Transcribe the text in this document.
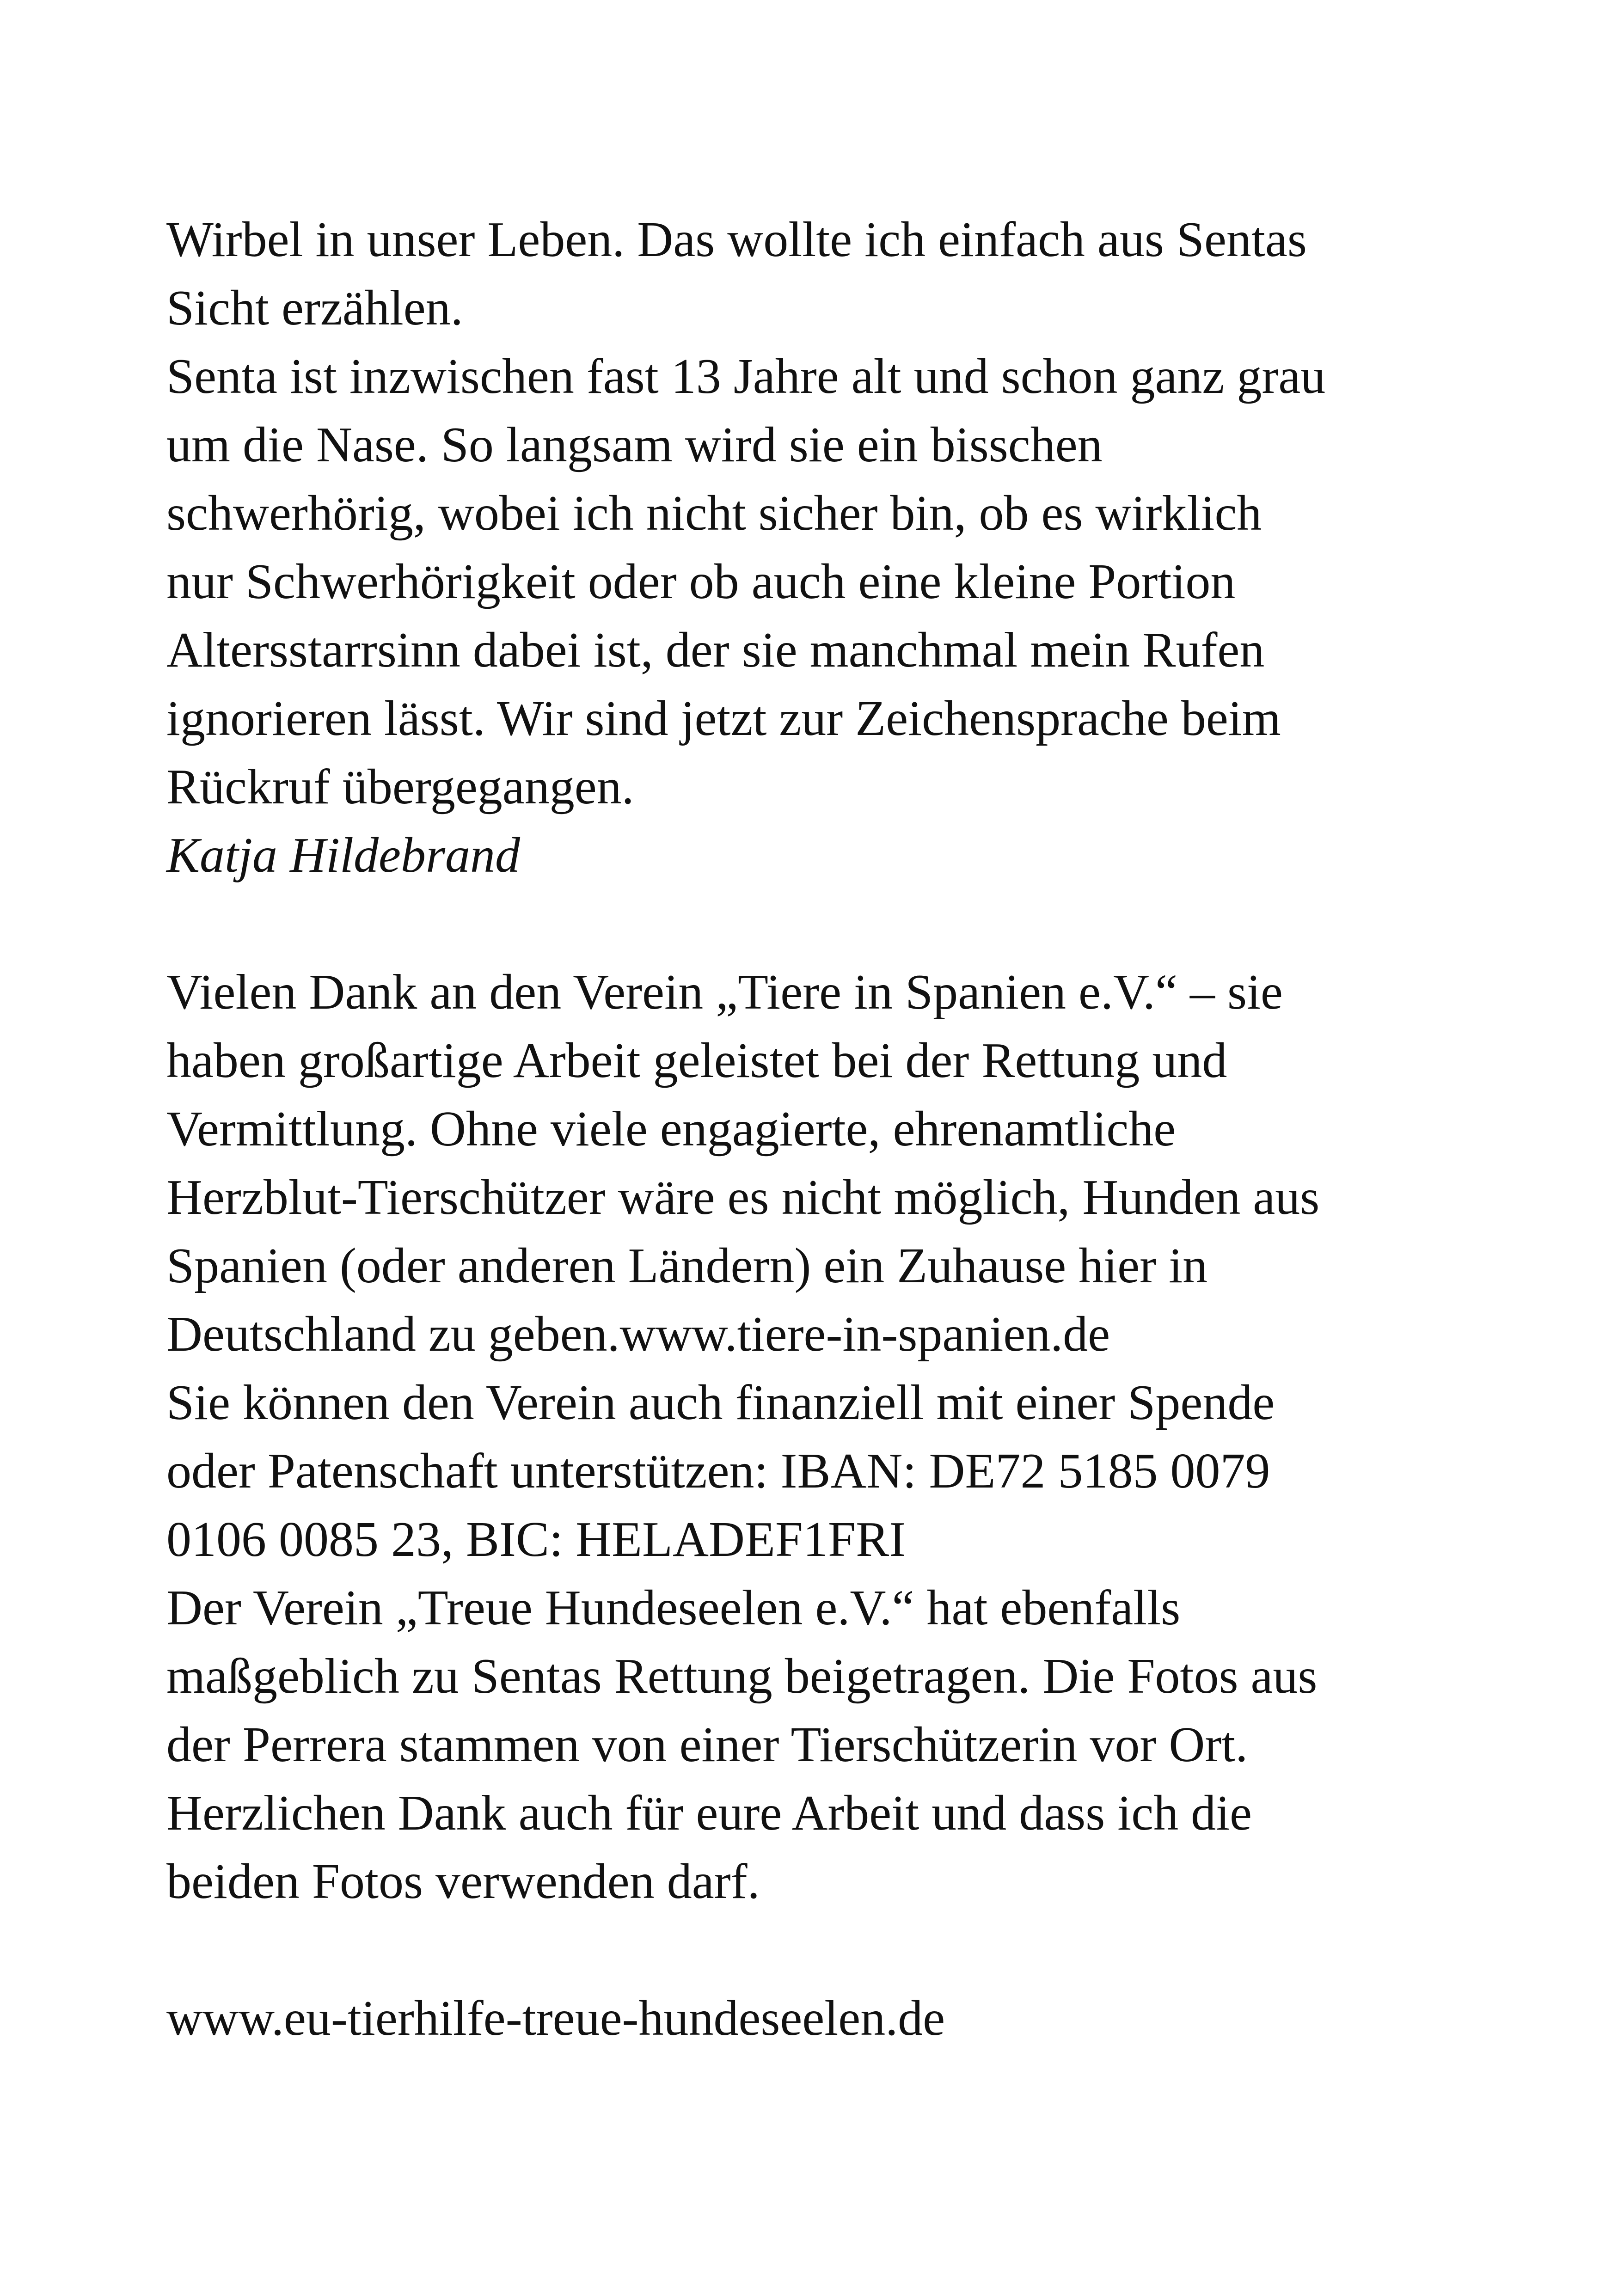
Wirbel in unser Leben. Das wollte ich einfach aus Sentas
Sicht erzählen.
Senta ist inzwischen fast 13 Jahre alt und schon ganz grau
um die Nase. So langsam wird sie ein bisschen
schwerhörig, wobei ich nicht sicher bin, ob es wirklich
nur Schwerhörigkeit oder ob auch eine kleine Portion
Altersstarrsinn dabei ist, der sie manchmal mein Rufen
ignorieren lässt. Wir sind jetzt zur Zeichensprache beim
Rückruf übergegangen.
Katja Hildebrand
Vielen Dank an den Verein „Tiere in Spanien e.V.“ – sie
haben großartige Arbeit geleistet bei der Rettung und
Vermittlung. Ohne viele engagierte, ehrenamtliche
Herzblut-Tierschützer wäre es nicht möglich, Hunden aus
Spanien (oder anderen Ländern) ein Zuhause hier in
Deutschland zu geben.www.tiere-in-spanien.de
Sie können den Verein auch finanziell mit einer Spende
oder Patenschaft unterstützen: IBAN: DE72 5185 0079
0106 0085 23, BIC: HELADEF1FRI
Der Verein „Treue Hundeseelen e.V.“ hat ebenfalls
maßgeblich zu Sentas Rettung beigetragen. Die Fotos aus
der Perrera stammen von einer Tierschützerin vor Ort.
Herzlichen Dank auch für eure Arbeit und dass ich die
beiden Fotos verwenden darf.
www.eu-tierhilfe-treue-hundeseelen.de
